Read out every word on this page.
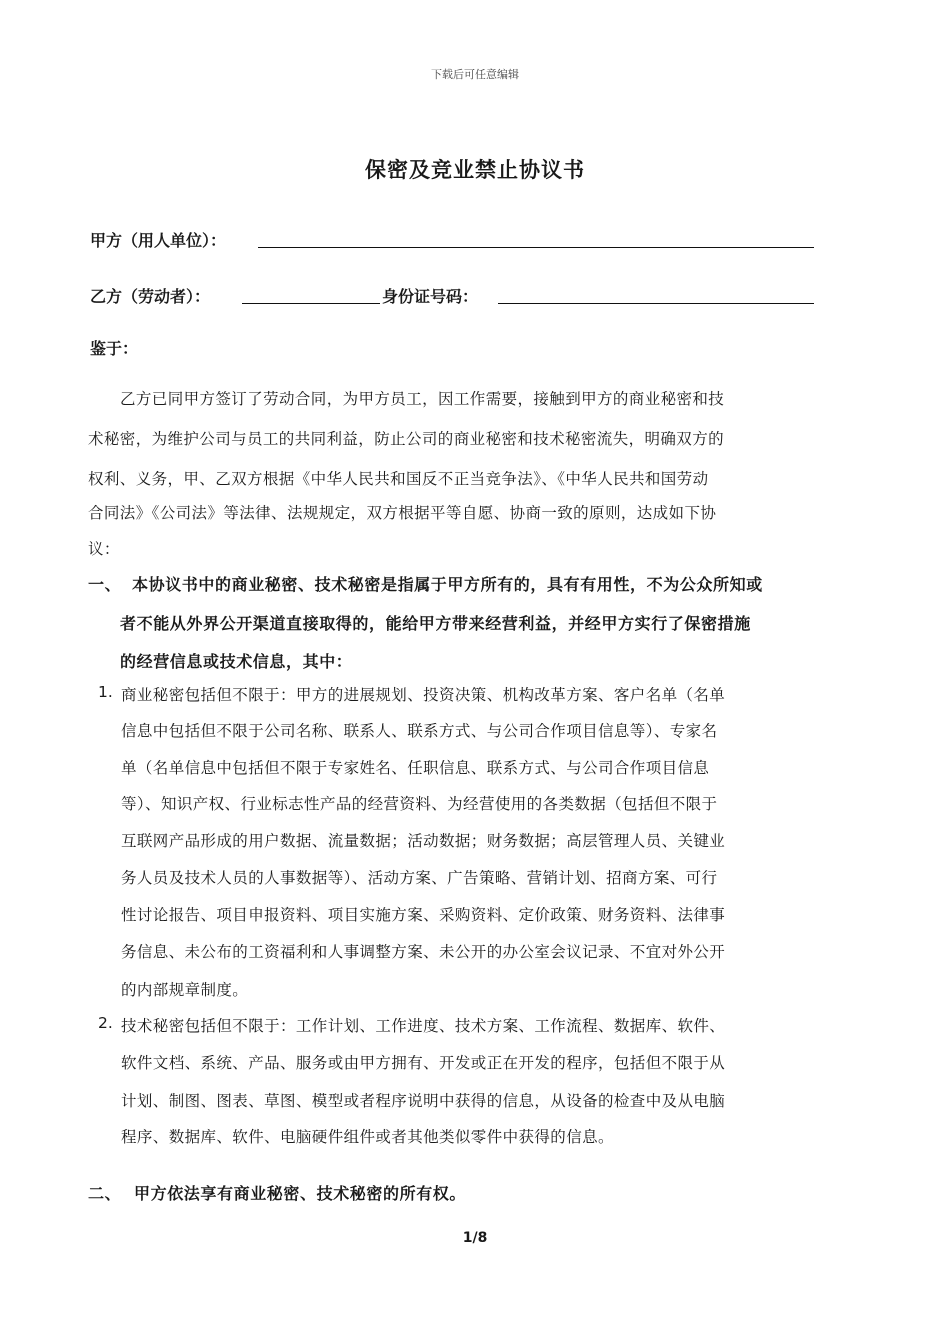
下载后可任意编辑
保密及竞业禁止协议书
甲方（用人单位）：
乙方（劳动者）：	身份证号码：
鉴于：
乙方已同甲方签订了劳动合同，为甲方员工，因工作需要，接触到甲方的商业秘密和技
术秘密，为维护公司与员工的共同利益，防止公司的商业秘密和技术秘密流失，明确双方的
权利、义务，甲、乙双方根据《中华人民共和国反不正当竞争法》、《中华人民共和国劳动
合同法》《公司法》等法律、法规规定，双方根据平等自愿、协商一致的原则，达成如下协
议：
一、 本协议书中的商业秘密、技术秘密是指属于甲方所有的，具有有用性，不为公众所知或
者不能从外界公开渠道直接取得的，能给甲方带来经营利益，并经甲方实行了保密措施
的经营信息或技术信息，其中：
1. 商业秘密包括但不限于：甲方的进展规划、投资决策、机构改革方案、客户名单（名单
信息中包括但不限于公司名称、联系人、联系方式、与公司合作项目信息等）、专家名
单（名单信息中包括但不限于专家姓名、任职信息、联系方式、与公司合作项目信息
等）、知识产权、行业标志性产品的经营资料、为经营使用的各类数据（包括但不限于
互联网产品形成的用户数据、流量数据；活动数据；财务数据；高层管理人员、关键业
务人员及技术人员的人事数据等）、活动方案、广告策略、营销计划、招商方案、可行
性讨论报告、项目申报资料、项目实施方案、采购资料、定价政策、财务资料、法律事
务信息、未公布的工资福利和人事调整方案、未公开的办公室会议记录、不宜对外公开
的内部规章制度。
2. 技术秘密包括但不限于：工作计划、工作进度、技术方案、工作流程、数据库、软件、
软件文档、系统、产品、服务或由甲方拥有、开发或正在开发的程序，包括但不限于从
计划、制图、图表、草图、模型或者程序说明中获得的信息，从设备的检查中及从电脑
程序、数据库、软件、电脑硬件组件或者其他类似零件中获得的信息。
二、 甲方依法享有商业秘密、技术秘密的所有权。
1/8
